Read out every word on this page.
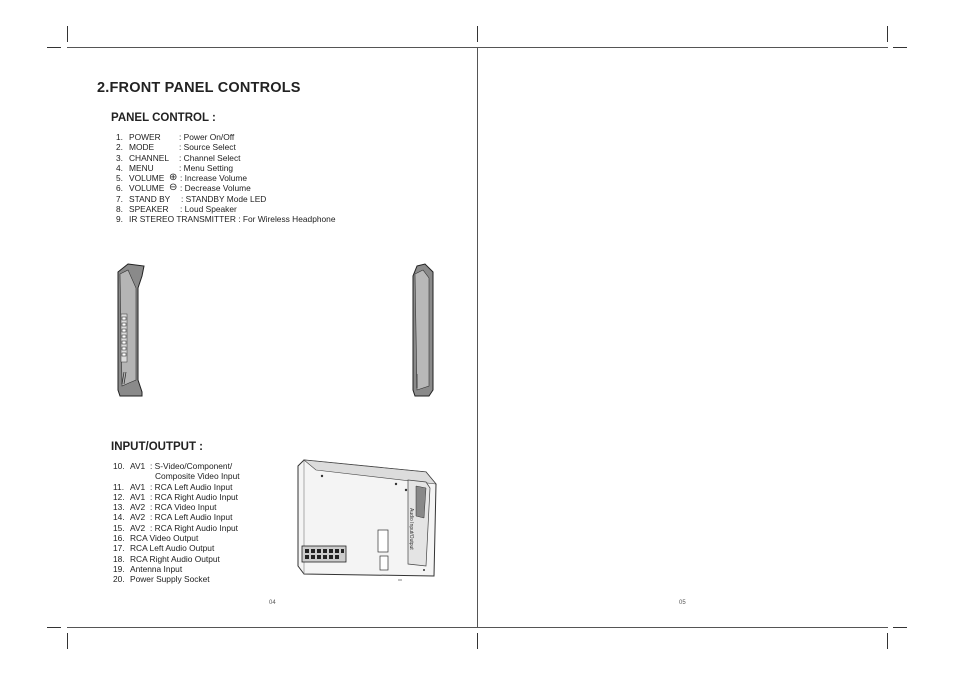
2.FRONT PANEL CONTROLS
PANEL CONTROL :
1. POWER : Power On/Off
2. MODE	: Source Select
3. CHANNEL : Channel Select
4. MENU	: Menu Setting
5. VOLUME ⊕ : Increase Volume
6. VOLUME ⊖ : Decrease Volume
7. STAND BY : STANDBY Mode LED
8. SPEAKER : Loud Speaker
9. IR STEREO TRANSMITTER : For Wireless Headphone
INPUT/OUTPUT :
10. AV1 : S-Video/Component/
Composite Video Input
11. AV1 : RCA Left Audio Input
12. AV1 : RCA Right Audio Input
13. AV2 : RCA Video Input
14. AV2 : RCA Left Audio Input
15. AV2 : RCA Right Audio Input
16. RCA Video Output
17. RCA Left Audio Output
18. RCA Right Audio Output
19. Antenna Input
20. Power Supply Socket
Audio Input/Output
04	05
